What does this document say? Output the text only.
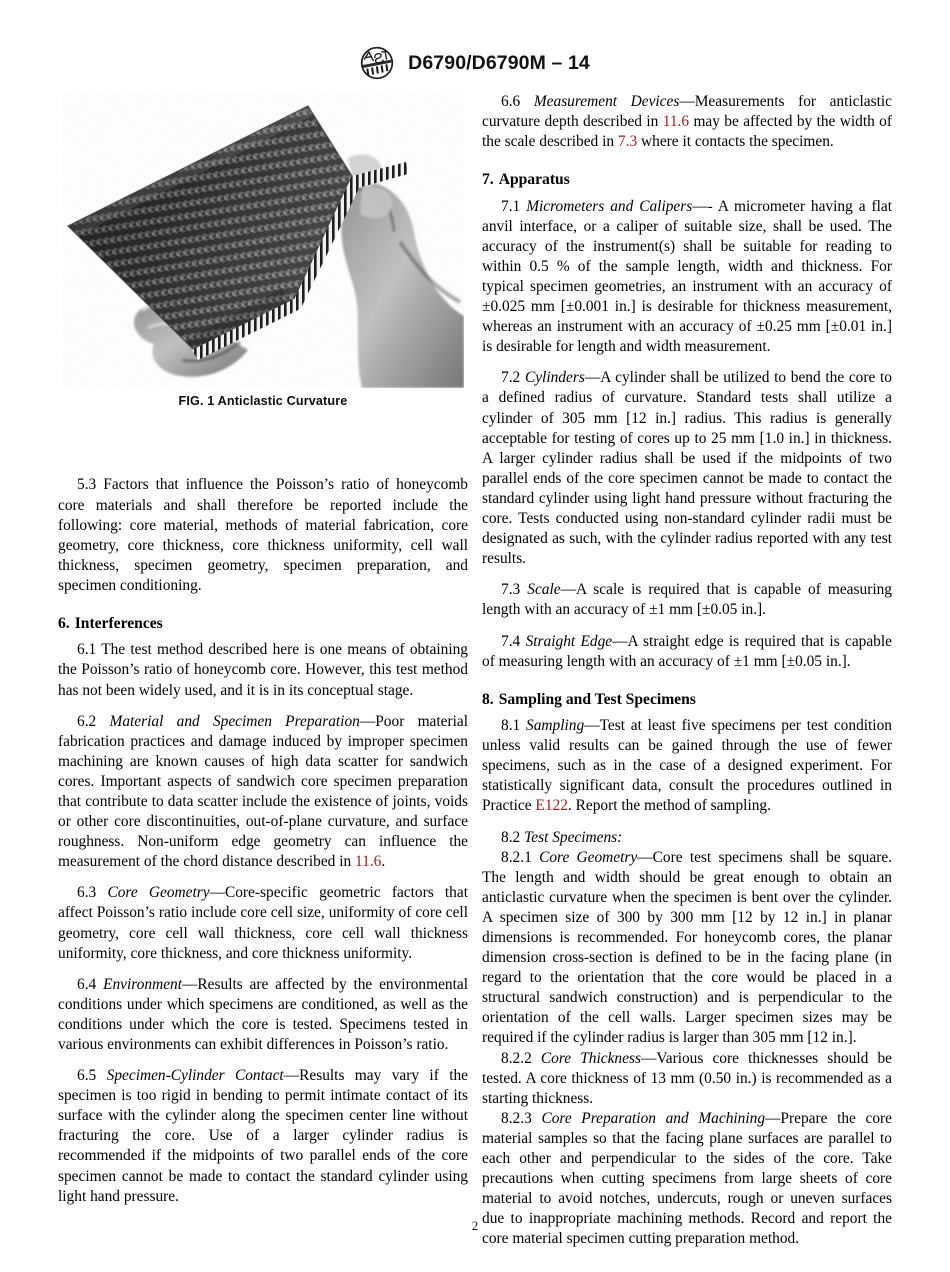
D6790/D6790M – 14
FIG. 1 Anticlastic Curvature

5.3 Factors that influence the Poisson’s ratio of honeycomb core materials and shall therefore be reported include the following: core material, methods of material fabrication, core geometry, core thickness, core thickness uniformity, cell wall thickness, specimen geometry, specimen preparation, and specimen conditioning.

6. Interferences

6.1 The test method described here is one means of obtaining the Poisson’s ratio of honeycomb core. However, this test method has not been widely used, and it is in its conceptual stage.

6.2 Material and Specimen Preparation—Poor material fabrication practices and damage induced by improper specimen machining are known causes of high data scatter for sandwich cores. Important aspects of sandwich core specimen preparation that contribute to data scatter include the existence of joints, voids or other core discontinuities, out-of-plane curvature, and surface roughness. Non-uniform edge geometry can influence the measurement of the chord distance described in 11.6.

6.3 Core Geometry—Core-specific geometric factors that affect Poisson’s ratio include core cell size, uniformity of core cell geometry, core cell wall thickness, core cell wall thickness uniformity, core thickness, and core thickness uniformity.

6.4 Environment—Results are affected by the environmental conditions under which specimens are conditioned, as well as the conditions under which the core is tested. Specimens tested in various environments can exhibit differences in Poisson’s ratio.

6.5 Specimen-Cylinder Contact—Results may vary if the specimen is too rigid in bending to permit intimate contact of its surface with the cylinder along the specimen center line without fracturing the core. Use of a larger cylinder radius is recommended if the midpoints of two parallel ends of the core specimen cannot be made to contact the standard cylinder using light hand pressure.

6.6 Measurement Devices—Measurements for anticlastic curvature depth described in 11.6 may be affected by the width of the scale described in 7.3 where it contacts the specimen.

7. Apparatus

7.1 Micrometers and Calipers—- A micrometer having a flat anvil interface, or a caliper of suitable size, shall be used. The accuracy of the instrument(s) shall be suitable for reading to within 0.5 % of the sample length, width and thickness. For typical specimen geometries, an instrument with an accuracy of ±0.025 mm [±0.001 in.] is desirable for thickness measurement, whereas an instrument with an accuracy of ±0.25 mm [±0.01 in.] is desirable for length and width measurement.

7.2 Cylinders—A cylinder shall be utilized to bend the core to a defined radius of curvature. Standard tests shall utilize a cylinder of 305 mm [12 in.] radius. This radius is generally acceptable for testing of cores up to 25 mm [1.0 in.] in thickness. A larger cylinder radius shall be used if the midpoints of two parallel ends of the core specimen cannot be made to contact the standard cylinder using light hand pressure without fracturing the core. Tests conducted using non-standard cylinder radii must be designated as such, with the cylinder radius reported with any test results.

7.3 Scale—A scale is required that is capable of measuring length with an accuracy of ±1 mm [±0.05 in.].

7.4 Straight Edge—A straight edge is required that is capable of measuring length with an accuracy of ±1 mm [±0.05 in.].

8. Sampling and Test Specimens

8.1 Sampling—Test at least five specimens per test condition unless valid results can be gained through the use of fewer specimens, such as in the case of a designed experiment. For statistically significant data, consult the procedures outlined in Practice E122. Report the method of sampling.

8.2 Test Specimens:

8.2.1 Core Geometry—Core test specimens shall be square. The length and width should be great enough to obtain an anticlastic curvature when the specimen is bent over the cylinder. A specimen size of 300 by 300 mm [12 by 12 in.] in planar dimensions is recommended. For honeycomb cores, the planar dimension cross-section is defined to be in the facing plane (in regard to the orientation that the core would be placed in a structural sandwich construction) and is perpendicular to the orientation of the cell walls. Larger specimen sizes may be required if the cylinder radius is larger than 305 mm [12 in.].

8.2.2 Core Thickness—Various core thicknesses should be tested. A core thickness of 13 mm (0.50 in.) is recommended as a starting thickness.

8.2.3 Core Preparation and Machining—Prepare the core material samples so that the facing plane surfaces are parallel to each other and perpendicular to the sides of the core. Take precautions when cutting specimens from large sheets of core material to avoid notches, undercuts, rough or uneven surfaces due to inappropriate machining methods. Record and report the core material specimen cutting preparation method.

2
